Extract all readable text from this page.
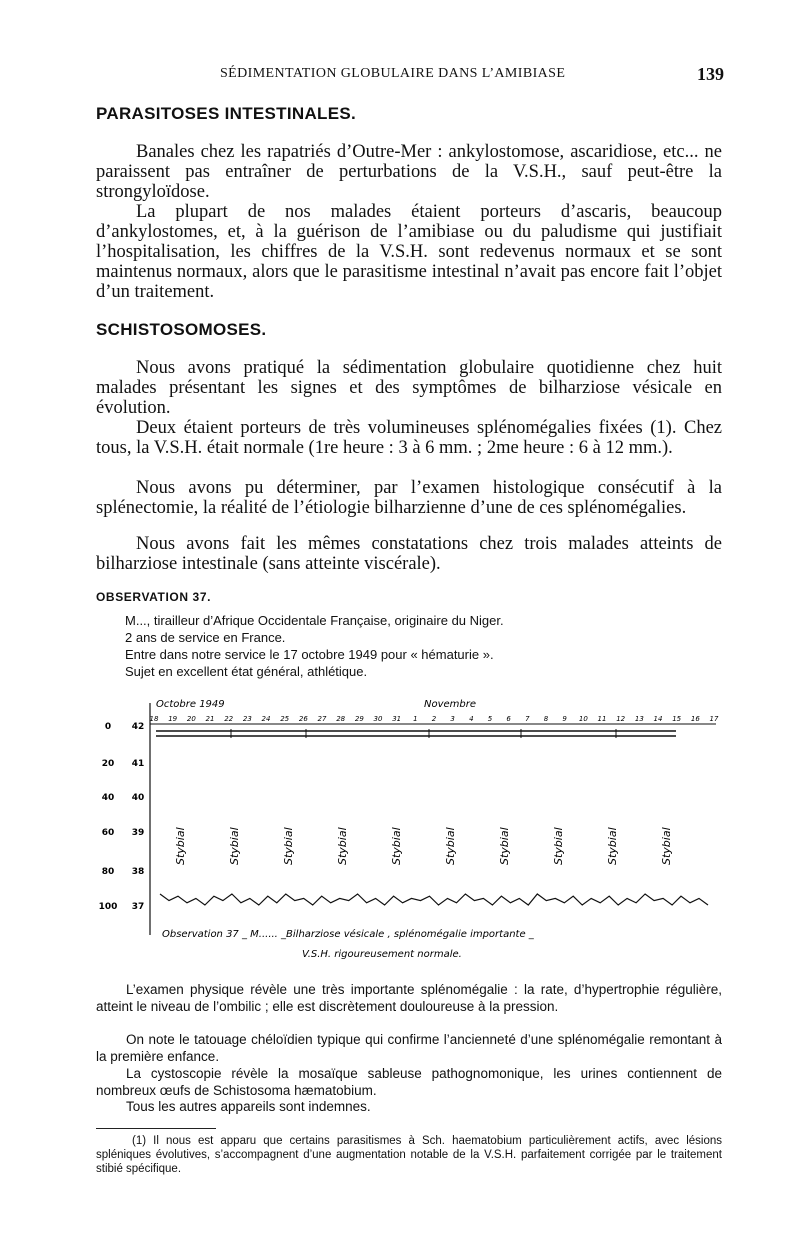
SÉDIMENTATION GLOBULAIRE DANS L’AMIBIASE	139
PARASITOSES INTESTINALES.

Banales chez les rapatriés d’Outre-Mer : ankylostomose, ascaridiose, etc... ne paraissent pas entraîner de perturbations de la V.S.H., sauf peut-être la strongyloïdose.

La plupart de nos malades étaient porteurs d’ascaris, beaucoup d’ankylostomes, et, à la guérison de l’amibiase ou du paludisme qui justifiait l’hospitalisation, les chiffres de la V.S.H. sont redevenus normaux et se sont maintenus normaux, alors que le parasitisme intestinal n’avait pas encore fait l’objet d’un traitement.

SCHISTOSOMOSES.

Nous avons pratiqué la sédimentation globulaire quotidienne chez huit malades présentant les signes et des symptômes de bilharziose vésicale en évolution.

Deux étaient porteurs de très volumineuses splénomégalies fixées (1). Chez tous, la V.S.H. était normale (1re heure : 3 à 6 mm. ; 2me heure : 6 à 12 mm.).

Nous avons pu déterminer, par l’examen histologique consécutif à la splénectomie, la réalité de l’étiologie bilharzienne d’une de ces splénomégalies.

Nous avons fait les mêmes constatations chez trois malades atteints de bilharziose intestinale (sans atteinte viscérale).

OBSERVATION 37.
M..., tirailleur d’Afrique Occidentale Française, originaire du Niger.
2 ans de service en France.
Entre dans notre service le 17 octobre 1949 pour « hématurie ».
Sujet en excellent état général, athlétique.
0
20
40
60
80
100
42
41
40
39
38
37
Octobre 1949	Novembre
18 19 20 21 22 23 24 25 26 27 28 29 30 31 1 2 3 4 5 6 7 8 9 10 11 12 13 14 15 16 17
Stybial	Stybial	Stybial	Stybial	Stybial	Stybial	Stybial	Stybial	Stybial	Stybial
Observation 37 _ M...... _Bilharziose vésicale , splénomégalie importante _
V.S.H. rigoureusement normale.

L’examen physique révèle une très importante splénomégalie : la rate, d’hypertrophie régulière, atteint le niveau de l’ombilic ; elle est discrètement douloureuse à la pression.

On note le tatouage chéloïdien typique qui confirme l’ancienneté d’une splénomégalie remontant à la première enfance.

La cystoscopie révèle la mosaïque sableuse pathognomonique, les urines contiennent de nombreux œufs de Schistosoma hæmatobium.

Tous les autres appareils sont indemnes.

(1) Il nous est apparu que certains parasitismes à Sch. haematobium particulièrement actifs, avec lésions spléniques évolutives, s’accompagnent d’une augmentation notable de la V.S.H. parfaitement corrigée par le traitement stibié spécifique.
